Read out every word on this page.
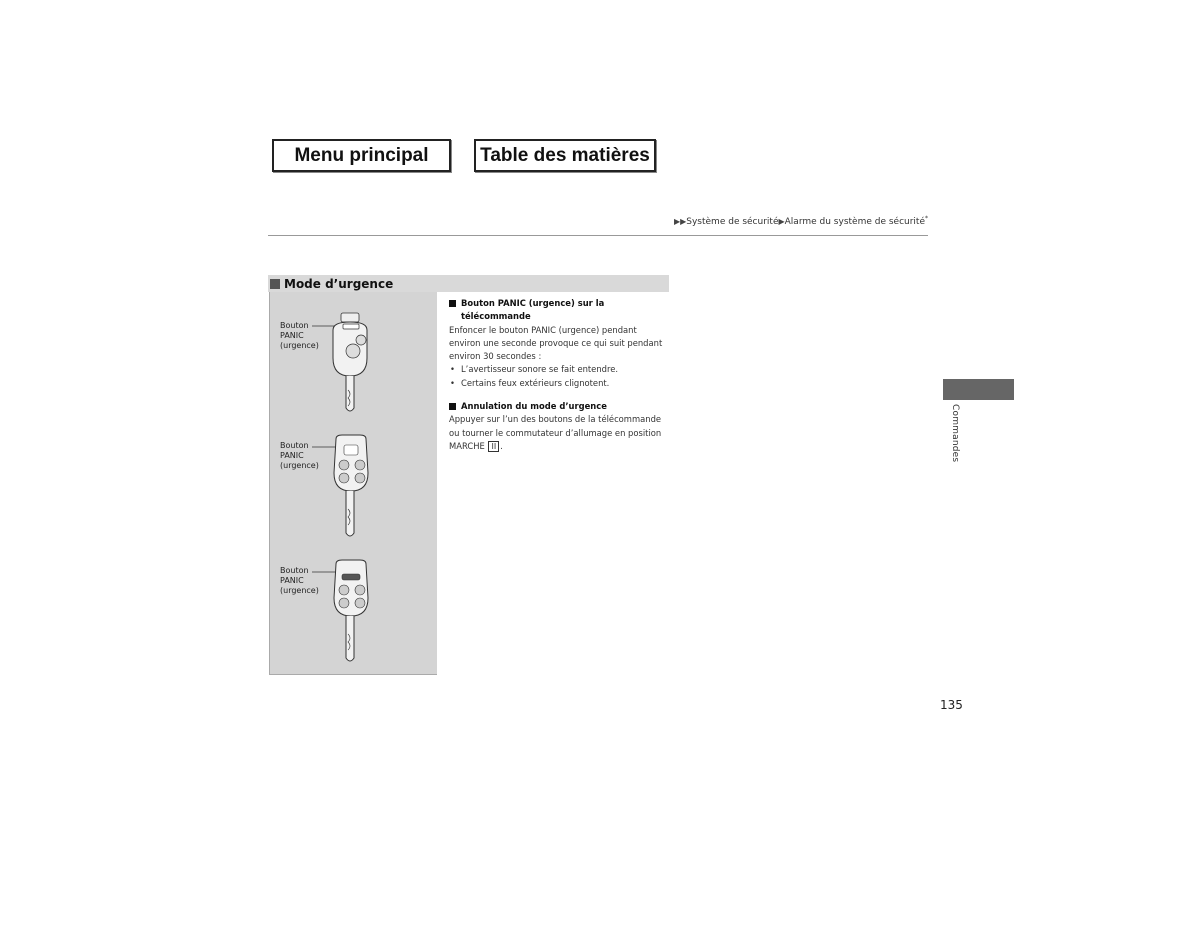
Menu principal	Table des matières
▶▶Système de sécurité▶Alarme du système de sécurité*
Mode d’urgence
Bouton
PANIC
(urgence)
Bouton
PANIC
(urgence)
Bouton
PANIC
(urgence)
Bouton PANIC (urgence) sur la
télécommande

Enfoncer le bouton PANIC (urgence) pendant
environ une seconde provoque ce qui suit pendant
environ 30 secondes :

• L’avertisseur sonore se fait entendre.
• Certains feux extérieurs clignotent.
Annulation du mode d’urgence

Appuyer sur l’un des boutons de la télécommande
ou tourner le commutateur d’allumage en position
MARCHE II .	Commandes
135
